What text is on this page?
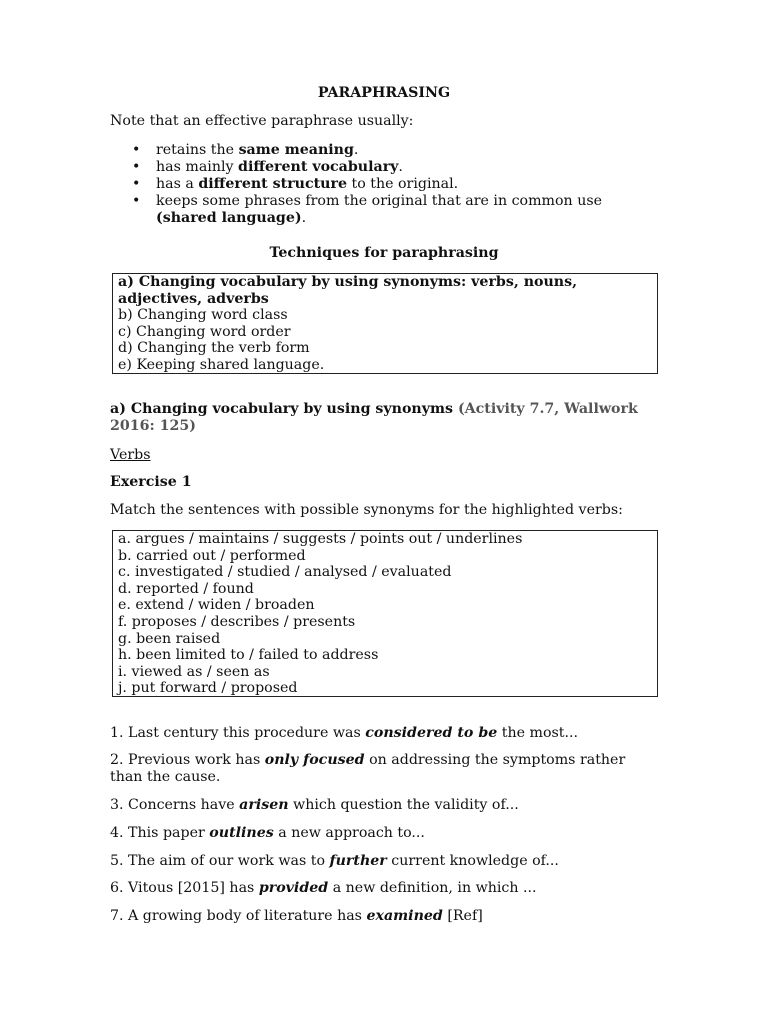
PARAPHRASING
Note that an effective paraphrase usually:
• retains the same meaning.
• has mainly different vocabulary.
• has a different structure to the original.
• keeps some phrases from the original that are in common use (shared language).
Techniques for paraphrasing
a) Changing vocabulary by using synonyms: verbs, nouns, adjectives, adverbs
b) Changing word class
c) Changing word order
d) Changing the verb form
e) Keeping shared language.
a) Changing vocabulary by using synonyms (Activity 7.7, Wallwork 2016: 125)
Verbs
Exercise 1
Match the sentences with possible synonyms for the highlighted verbs:
a. argues / maintains / suggests / points out / underlines
b. carried out / performed
c. investigated / studied / analysed / evaluated
d. reported / found
e. extend / widen / broaden
f. proposes / describes / presents
g. been raised
h. been limited to / failed to address
i. viewed as / seen as
j. put forward / proposed
1. Last century this procedure was considered to be the most...
2. Previous work has only focused on addressing the symptoms rather than the cause.
3. Concerns have arisen which question the validity of...
4. This paper outlines a new approach to...
5. The aim of our work was to further current knowledge of...
6. Vitous [2015] has provided a new definition, in which ...
7. A growing body of literature has examined [Ref]
